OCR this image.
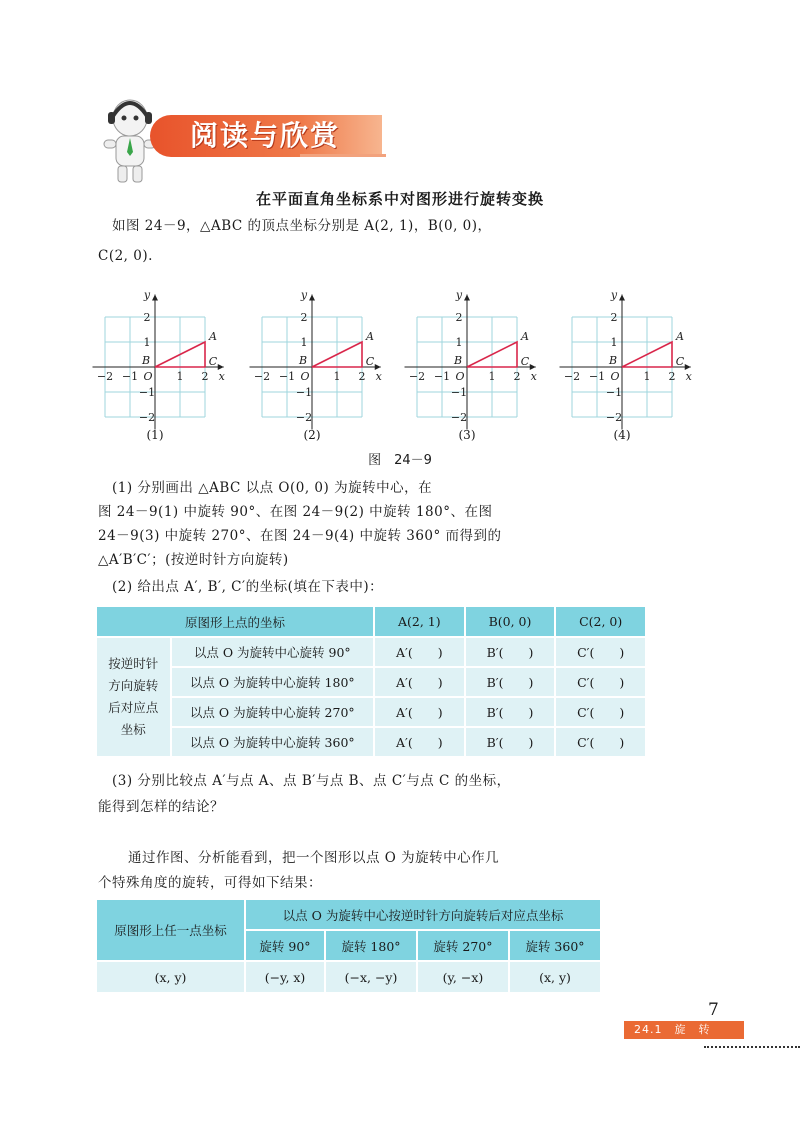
阅读与欣赏
在平面直角坐标系中对图形进行旋转变换
如图 24－9，△ABC 的顶点坐标分别是 A(2, 1)，B(0, 0)，
C(2, 0).
y
x
O
−2 −1	1 2
2
1
−1
−2
A
B	C
(1)
y
x
O
−2 −1	1 2
2
1
−1
−2
A
B	C
(2)
y
x
O
−2 −1	1 2
2
1
−1
−2
A
B	C
(3)
y
x
O
−2 −1	1 2
2
1
−1
−2
A
B	C
(4)
图　24－9
(1) 分别画出 △ABC 以点 O(0, 0) 为旋转中心，在
图 24－9(1) 中旋转 90°、在图 24－9(2) 中旋转 180°、在图
24－9(3) 中旋转 270°、在图 24－9(4) 中旋转 360° 而得到的
△A′B′C′；(按逆时针方向旋转)
(2) 给出点 A′, B′, C′的坐标(填在下表中)：
原图形上点的坐标		A(2, 1)	B(0, 0)	C(2, 0)

按逆时针
方向旋转
后对应点
坐标	以点 O 为旋转中心旋转 90°	A′(　　)	B′(　　)	C′(　　)
	以点 O 为旋转中心旋转 180°	A′(　　)	B′(　　)	C′(　　)
	以点 O 为旋转中心旋转 270°	A′(　　)	B′(　　)	C′(　　)
	以点 O 为旋转中心旋转 360°	A′(　　)	B′(　　)	C′(　　)
(3) 分别比较点 A′与点 A、点 B′与点 B、点 C′与点 C 的坐标，
能得到怎样的结论？
通过作图、分析能看到，把一个图形以点 O 为旋转中心作几
个特殊角度的旋转，可得如下结果：
原图形上任一点坐标	以点 O 为旋转中心按逆时针方向旋转后对应点坐标			
	旋转 90°	旋转 180°	旋转 270°	旋转 360°
(x, y)	(−y, x)	(−x, −y)	(y, −x)	(x, y)
7
24.1　旋　转
